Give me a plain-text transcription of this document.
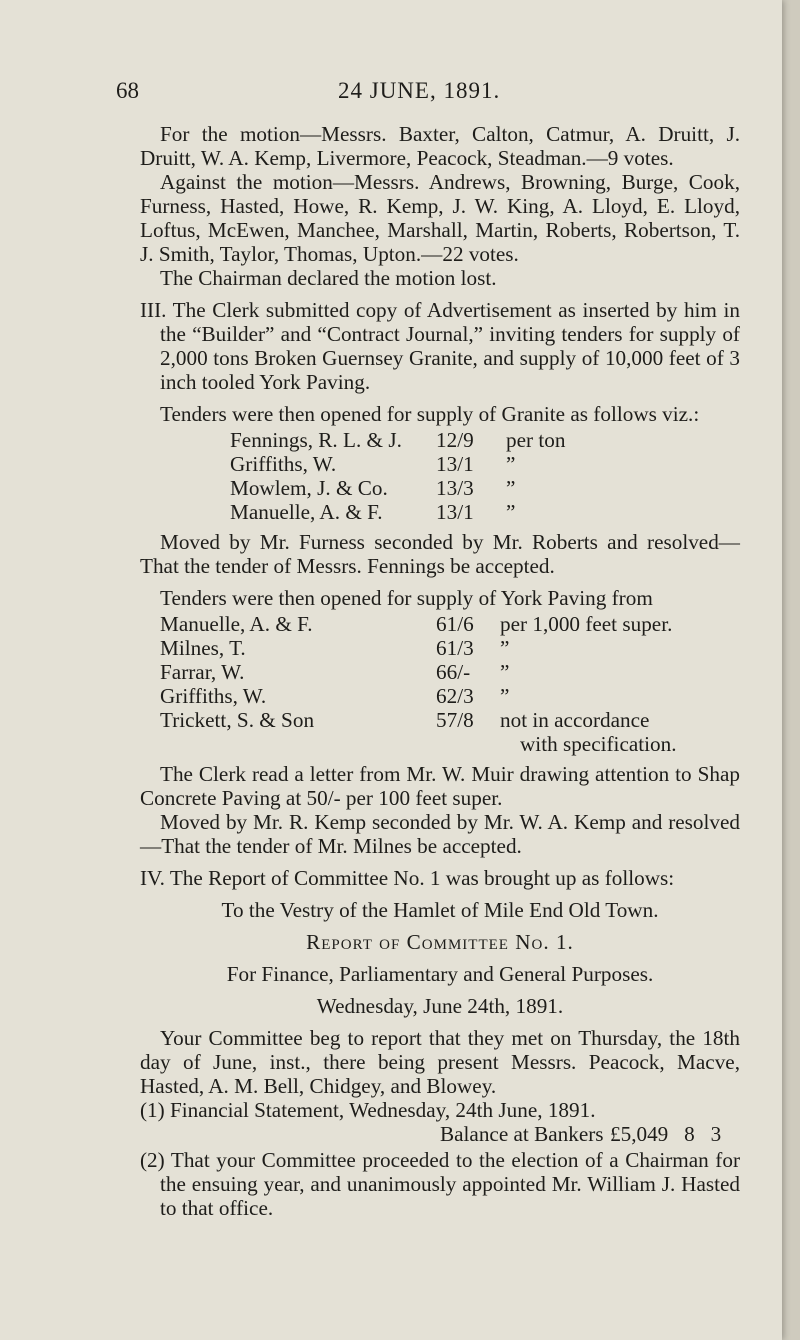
68	24 JUNE, 1891.

For the motion—Messrs. Baxter, Calton, Catmur, A. Druitt, J. Druitt, W. A. Kemp, Livermore, Peacock, Steadman.—9 votes.

Against the motion—Messrs. Andrews, Browning, Burge, Cook, Furness, Hasted, Howe, R. Kemp, J. W. King, A. Lloyd, E. Lloyd, Loftus, McEwen, Manchee, Marshall, Martin, Roberts, Robertson, T. J. Smith, Taylor, Thomas, Upton.—22 votes.

The Chairman declared the motion lost.

III. The Clerk submitted copy of Advertisement as inserted by him in the “Builder” and “Contract Journal,” inviting tenders for supply of 2,000 tons Broken Guernsey Granite, and supply of 10,000 feet of 3 inch tooled York Paving.

Tenders were then opened for supply of Granite as follows viz.:

Fennings, R. L. & J.	12/9	per ton
Griffiths, W.	13/1	”
Mowlem, J. & Co.	13/3	”
Manuelle, A. & F.	13/1	”

Moved by Mr. Furness seconded by Mr. Roberts and resolved—That the tender of Messrs. Fennings be accepted.

Tenders were then opened for supply of York Paving from

Manuelle, A. & F.	61/6	per 1,000 feet super.
Milnes, T.	61/3	”
Farrar, W.	66/-	”
Griffiths, W.	62/3	”
Trickett, S. & Son	57/8	not in accordance
with specification.

The Clerk read a letter from Mr. W. Muir drawing attention to Shap Concrete Paving at 50/- per 100 feet super.

Moved by Mr. R. Kemp seconded by Mr. W. A. Kemp and resolved—That the tender of Mr. Milnes be accepted.

IV. The Report of Committee No. 1 was brought up as follows:

To the Vestry of the Hamlet of Mile End Old Town.

Report of Committee No. 1.

For Finance, Parliamentary and General Purposes.

Wednesday, June 24th, 1891.

Your Committee beg to report that they met on Thursday, the 18th day of June, inst., there being present Messrs. Peacock, Macve, Hasted, A. M. Bell, Chidgey, and Blowey.

(1) Financial Statement, Wednesday, 24th June, 1891.

Balance at Bankers £5,049 8 3

(2) That your Committee proceeded to the election of a Chairman for the ensuing year, and unanimously appointed Mr. William J. Hasted to that office.
